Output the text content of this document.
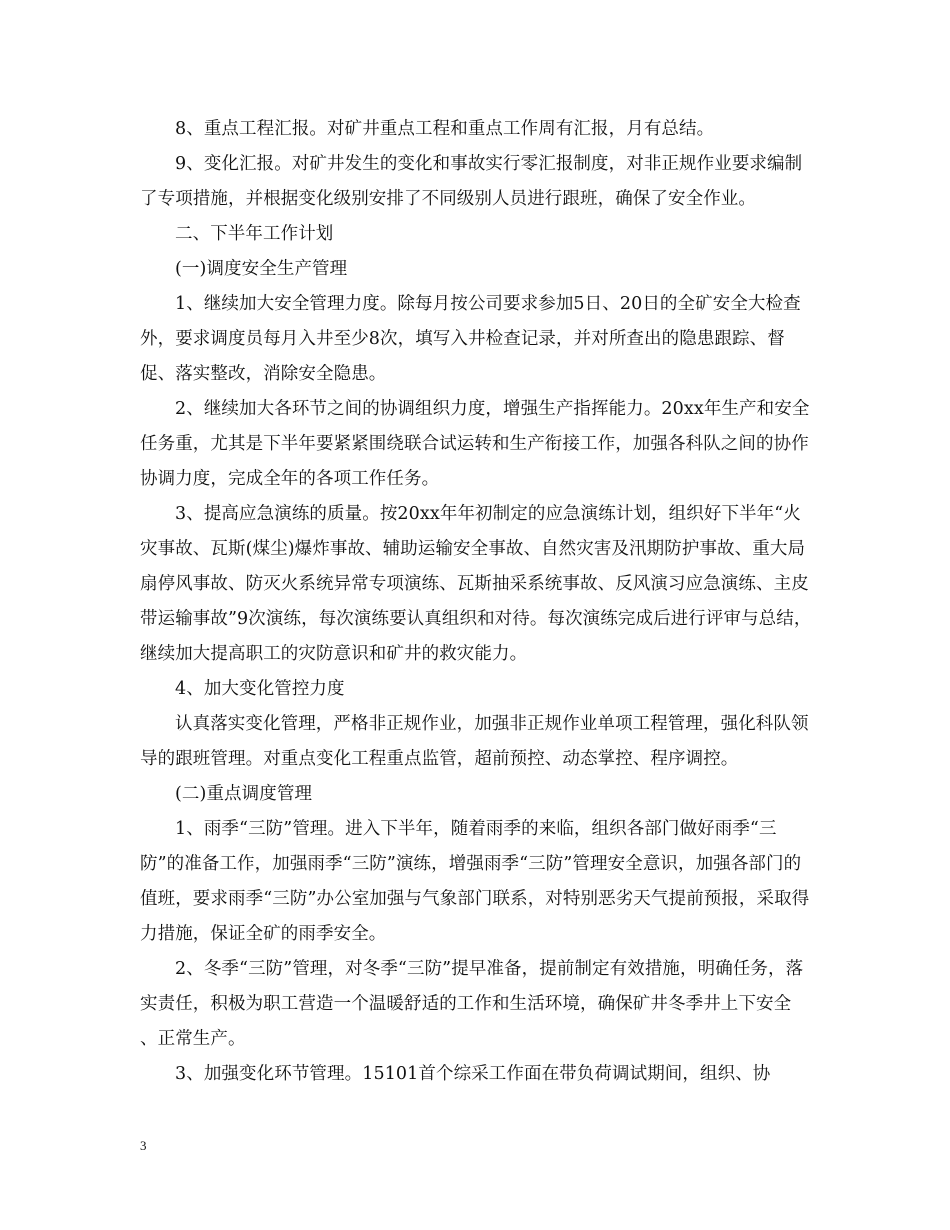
8、重点工程汇报。对矿井重点工程和重点工作周有汇报，月有总结。

9、变化汇报。对矿井发生的变化和事故实行零汇报制度，对非正规作业要求编制了专项措施，并根据变化级别安排了不同级别人员进行跟班，确保了安全作业。

二、下半年工作计划

(一)调度安全生产管理

1、继续加大安全管理力度。除每月按公司要求参加5日、20日的全矿安全大检查外，要求调度员每月入井至少8次，填写入井检查记录，并对所查出的隐患跟踪、督促、落实整改，消除安全隐患。

2、继续加大各环节之间的协调组织力度，增强生产指挥能力。20xx年生产和安全任务重，尤其是下半年要紧紧围绕联合试运转和生产衔接工作，加强各科队之间的协作协调力度，完成全年的各项工作任务。

3、提高应急演练的质量。按20xx年年初制定的应急演练计划，组织好下半年“火灾事故、瓦斯(煤尘)爆炸事故、辅助运输安全事故、自然灾害及汛期防护事故、重大局扇停风事故、防灭火系统异常专项演练、瓦斯抽采系统事故、反风演习应急演练、主皮带运输事故”9次演练，每次演练要认真组织和对待。每次演练完成后进行评审与总结，继续加大提高职工的灾防意识和矿井的救灾能力。

4、加大变化管控力度

认真落实变化管理，严格非正规作业，加强非正规作业单项工程管理，强化科队领导的跟班管理。对重点变化工程重点监管，超前预控、动态掌控、程序调控。

(二)重点调度管理

1、雨季“三防”管理。进入下半年，随着雨季的来临，组织各部门做好雨季“三防”的准备工作，加强雨季“三防”演练，增强雨季“三防”管理安全意识，加强各部门的值班，要求雨季“三防”办公室加强与气象部门联系，对特别恶劣天气提前预报，采取得力措施，保证全矿的雨季安全。

2、冬季“三防”管理，对冬季“三防”提早准备，提前制定有效措施，明确任务，落实责任，积极为职工营造一个温暖舒适的工作和生活环境，确保矿井冬季井上下安全 、正常生产。

3、加强变化环节管理。15101首个综采工作面在带负荷调试期间，组织、协

3
